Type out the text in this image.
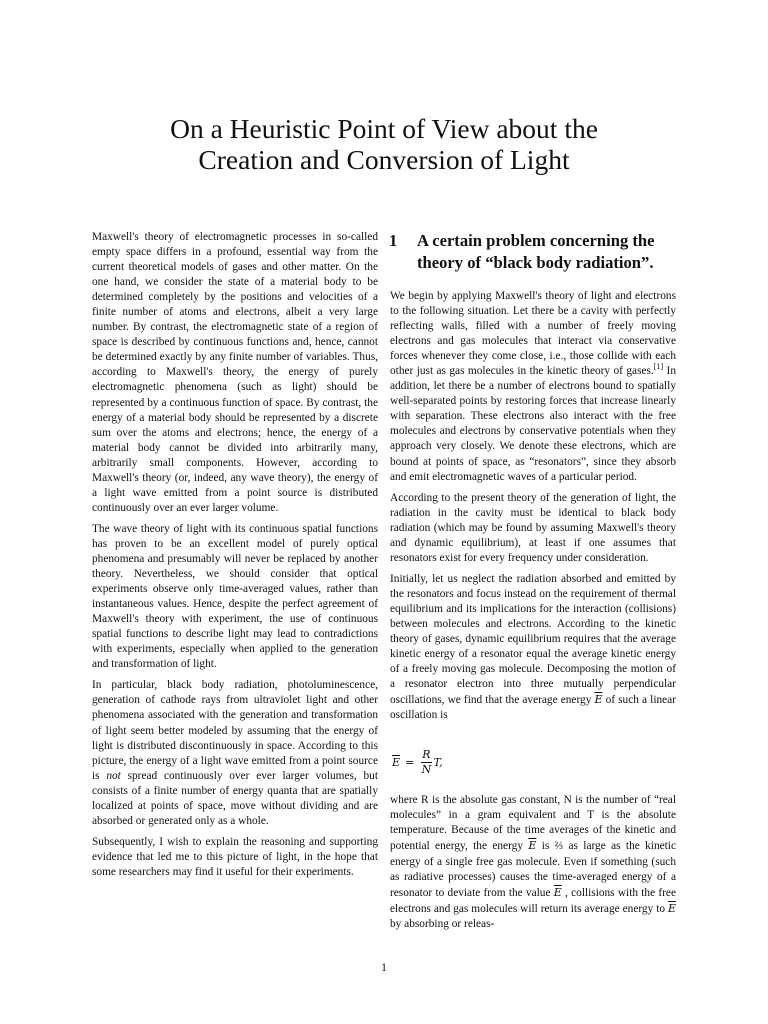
On a Heuristic Point of View about the
Creation and Conversion of Light

Maxwell's theory of electromagnetic processes in so-called empty space differs in a profound, essential way from the current theoretical models of gases and other matter. On the one hand, we consider the state of a material body to be determined completely by the positions and velocities of a finite number of atoms and electrons, albeit a very large number. By contrast, the electromagnetic state of a region of space is described by continuous functions and, hence, cannot be determined exactly by any finite number of variables. Thus, according to Maxwell's theory, the energy of purely electromagnetic phenomena (such as light) should be represented by a continuous function of space. By contrast, the energy of a material body should be represented by a discrete sum over the atoms and electrons; hence, the energy of a material body cannot be divided into arbitrarily many, arbitrarily small components. However, according to Maxwell's theory (or, indeed, any wave theory), the energy of a light wave emitted from a point source is distributed continuously over an ever larger volume.

The wave theory of light with its continuous spatial functions has proven to be an excellent model of purely optical phenomena and presumably will never be replaced by another theory. Nevertheless, we should consider that optical experiments observe only time-averaged values, rather than instantaneous values. Hence, despite the perfect agreement of Maxwell's theory with experiment, the use of continuous spatial functions to describe light may lead to contradictions with experiments, especially when applied to the generation and transformation of light.

In particular, black body radiation, photoluminescence, generation of cathode rays from ultraviolet light and other phenomena associated with the generation and transformation of light seem better modeled by assuming that the energy of light is distributed discontinuously in space. According to this picture, the energy of a light wave emitted from a point source is not spread continuously over ever larger volumes, but consists of a finite number of energy quanta that are spatially localized at points of space, move without dividing and are absorbed or generated only as a whole.

Subsequently, I wish to explain the reasoning and supporting evidence that led me to this picture of light, in the hope that some researchers may find it useful for their experiments.

1	A certain problem concerning the theory of “black body radiation”.

We begin by applying Maxwell's theory of light and electrons to the following situation. Let there be a cavity with perfectly reflecting walls, filled with a number of freely moving electrons and gas molecules that interact via conservative forces whenever they come close, i.e., those collide with each other just as gas molecules in the kinetic theory of gases.[1] In addition, let there be a number of electrons bound to spatially well-separated points by restoring forces that increase linearly with separation. These electrons also interact with the free molecules and electrons by conservative potentials when they approach very closely. We denote these electrons, which are bound at points of space, as “resonators”, since they absorb and emit electromagnetic waves of a particular period.

According to the present theory of the generation of light, the radiation in the cavity must be identical to black body radiation (which may be found by assuming Maxwell's theory and dynamic equilibrium), at least if one assumes that resonators exist for every frequency under consideration.

Initially, let us neglect the radiation absorbed and emitted by the resonators and focus instead on the requirement of thermal equilibrium and its implications for the interaction (collisions) between molecules and electrons. According to the kinetic theory of gases, dynamic equilibrium requires that the average kinetic energy of a resonator equal the average kinetic energy of a freely moving gas molecule. Decomposing the motion of a resonator electron into three mutually perpendicular oscillations, we find that the average energy $\overline{E}$ of such a linear oscillation is

$\overline{E} = \frac{R}{N} T$,

where R is the absolute gas constant, N is the number of “real molecules” in a gram equivalent and T is the absolute temperature. Because of the time averages of the kinetic and potential energy, the energy $\overline{E}$ is ⅔ as large as the kinetic energy of a single free gas molecule. Even if something (such as radiative processes) causes the time-averaged energy of a resonator to deviate from the value $\overline{E}$ , collisions with the free electrons and gas molecules will return its average energy to $\overline{E}$ by absorbing or releas-

1
